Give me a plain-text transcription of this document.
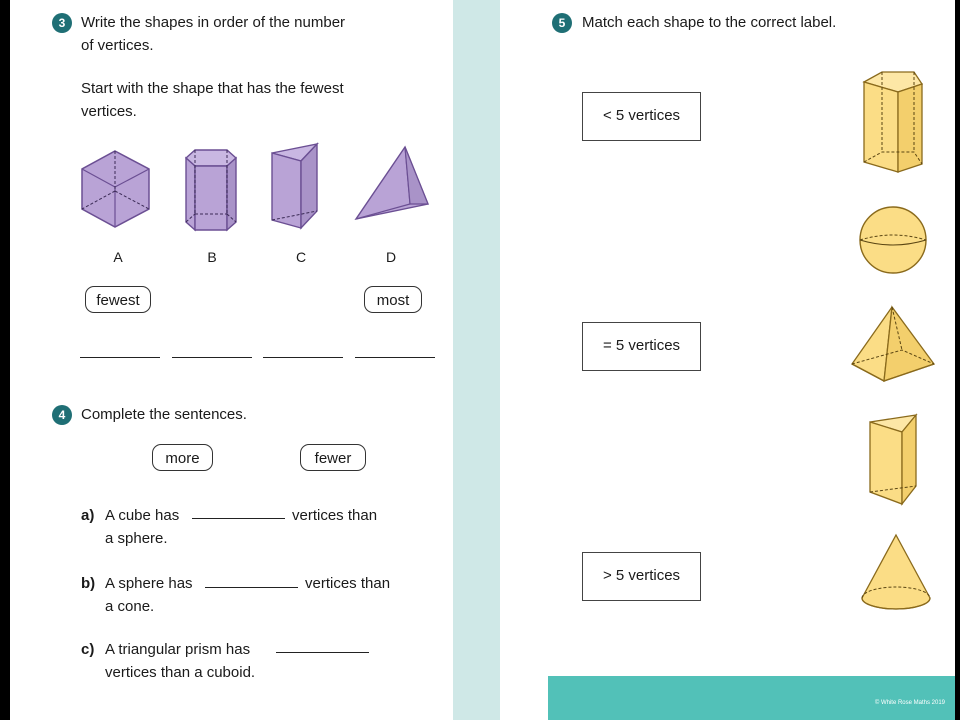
3	Write the shapes in order of the number
of vertices.
Start with the shape that has the fewest
vertices.
A	B	C	D
fewest	most
4	Complete the sentences.
more	fewer
a) A cube has	vertices than
a sphere.
b) A sphere has	vertices than
a cone.
c) A triangular prism has
vertices than a cuboid.
5	Match each shape to the correct label.
< 5 vertices
= 5 vertices
> 5 vertices
© White Rose Maths 2019
